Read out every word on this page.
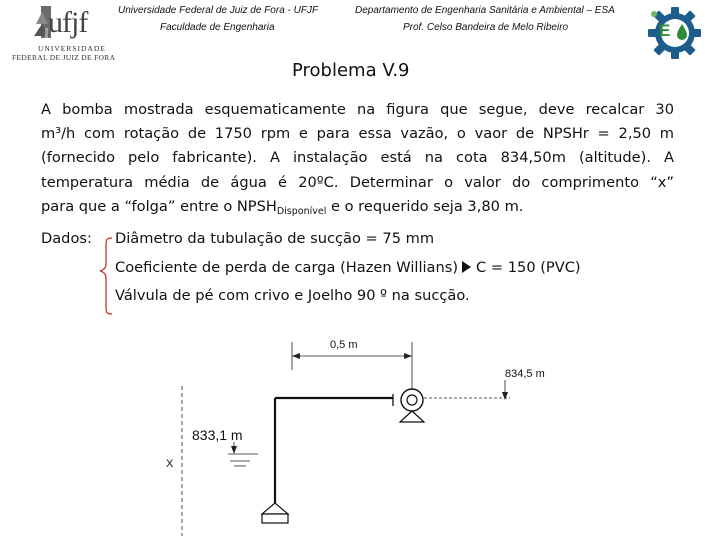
ufjf
UNIVERSIDADE
FEDERAL DE JUIZ DE FORA
Universidade Federal de Juiz de Fora - UFJF
Faculdade de Engenharia
Departamento de Engenharia Sanitária e Ambiental – ESA
Prof. Celso Bandeira de Melo Ribeiro	E
Problema V.9
A bomba mostrada esquematicamente na figura que segue, deve recalcar 30
m³/h com rotação de 1750 rpm e para essa vazão, o vaor de NPSHr = 2,50 m
(fornecido pelo fabricante). A instalação está na cota 834,50m (altitude). A
temperatura média de água é 20ºC. Determinar o valor do comprimento “x”
para que a “folga” entre o $NPSH_{Disponível}$ e o requerido seja 3,80 m.
Dados: Diâmetro da tubulação de sucção = 75 mm
Coeficiente de perda de carga (Hazen Willians) C = 150 (PVC)
Válvula de pé com crivo e Joelho 90 º na sucção.
0,5 m
834,5 m
833,1 m
X
